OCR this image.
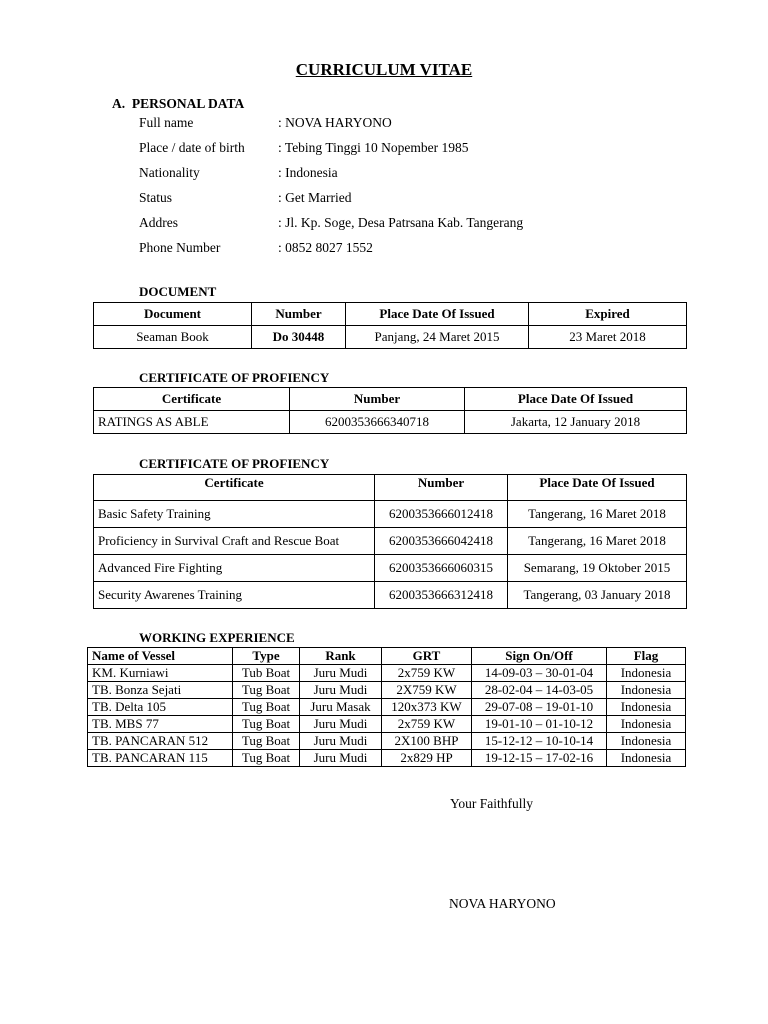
CURRICULUM VITAE
A.  PERSONAL DATA
Full name	: NOVA HARYONO
Place / date of birth	: Tebing Tinggi 10 Nopember 1985
Nationality	: Indonesia
Status	: Get Married
Addres	: Jl. Kp. Soge, Desa Patrsana Kab. Tangerang
Phone Number	: 0852 8027 1552
DOCUMENT
Document	Number	Place Date Of Issued	Expired
Seaman Book	Do 30448	Panjang, 24 Maret 2015	23 Maret 2018
CERTIFICATE OF PROFIENCY
Certificate	Number	Place Date Of Issued
RATINGS AS ABLE	6200353666340718	Jakarta, 12 January 2018
CERTIFICATE OF PROFIENCY
Certificate	Number	Place Date Of Issued
Basic Safety Training	6200353666012418	Tangerang, 16 Maret 2018
Proficiency in Survival Craft and Rescue Boat	6200353666042418	Tangerang, 16 Maret 2018
Advanced Fire Fighting	6200353666060315	Semarang, 19 Oktober 2015
Security Awarenes Training	6200353666312418	Tangerang, 03 January 2018
WORKING EXPERIENCE
Name of Vessel	Type	Rank	GRT	Sign On/Off	Flag
KM. Kurniawi	Tub Boat	Juru Mudi	2x759 KW	14-09-03 – 30-01-04	Indonesia
TB. Bonza Sejati	Tug Boat	Juru Mudi	2X759 KW	28-02-04 – 14-03-05	Indonesia
TB. Delta 105	Tug Boat	Juru Masak	120x373 KW	29-07-08 – 19-01-10	Indonesia
TB. MBS 77	Tug Boat	Juru Mudi	2x759 KW	19-01-10 – 01-10-12	Indonesia
TB. PANCARAN 512	Tug Boat	Juru Mudi	2X100 BHP	15-12-12 – 10-10-14	Indonesia
TB. PANCARAN 115	Tug Boat	Juru Mudi	2x829 HP	19-12-15 – 17-02-16	Indonesia
Your Faithfully
NOVA HARYONO
